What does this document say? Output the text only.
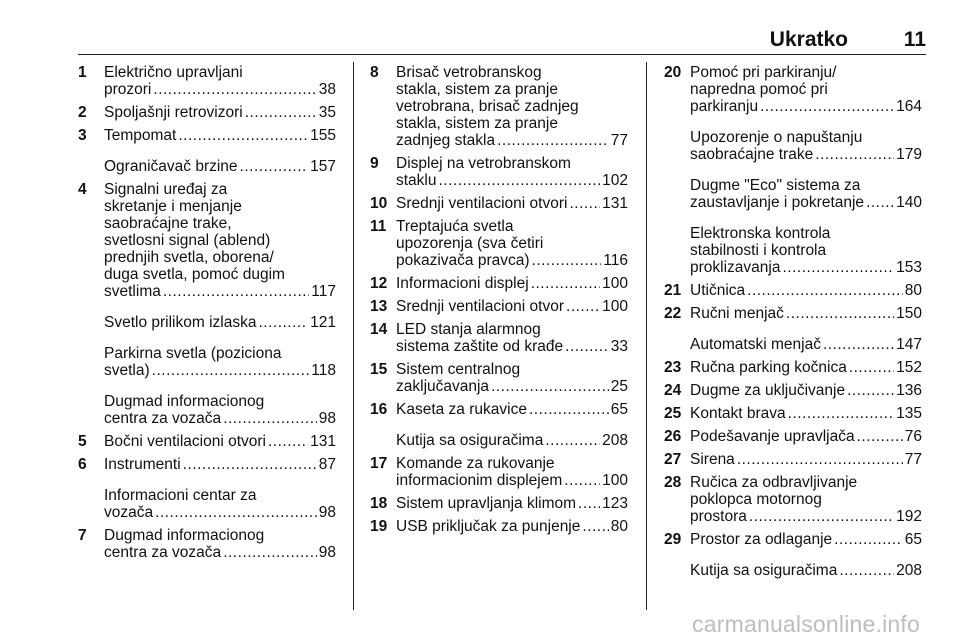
Ukratko	11
1	Električno upravljani
prozori .....	38
2	Spoljašnji retrovizori .....	35
3	Tempomat .....	155
Ograničavač brzine .....	157
4	Signalni uređaj za
skretanje i menjanje
saobraćajne trake,
svetlosni signal (ablend)
prednjih svetla, oborena/
duga svetla, pomoć dugim
svetlima .....	117
Svetlo prilikom izlaska .....	121
Parkirna svetla (poziciona
svetla) .....	118
Dugmad informacionog
centra za vozača .....	98
5	Bočni ventilacioni otvori .....	131
6	Instrumenti .....	87
Informacioni centar za
vozača .....	98
7	Dugmad informacionog
centra za vozača .....	98
8	Brisač vetrobranskog
stakla, sistem za pranje
vetrobrana, brisač zadnjeg
stakla, sistem za pranje
zadnjeg stakla .....	77
9	Displej na vetrobranskom
staklu .....	102
10 Srednji ventilacioni otvori ..... 131
11 Treptajuća svetla
upozorenja (sva četiri
pokazivača pravca) .....	116
12 Informacioni displej .....	100
13 Srednji ventilacioni otvor ..... 100
14 LED stanja alarmnog
sistema zaštite od krađe .....	33
15 Sistem centralnog
zaključavanja .....	25
16 Kaseta za rukavice .....	65
Kutija sa osiguračima .....	208
17 Komande za rukovanje
informacionim displejem .....	100
18 Sistem upravljanja klimom ..... 123
19 USB priključak za punjenje ..... 80
20 Pomoć pri parkiranju/
napredna pomoć pri
parkiranju .....	164
Upozorenje o napuštanju
saobraćajne trake .....	179
Dugme "Eco" sistema za
zaustavljanje i pokretanje ..... 140
Elektronska kontrola
stabilnosti i kontrola
proklizavanja .....	153
21 Utičnica .....	80
22 Ručni menjač .....	150
Automatski menjač .....	147
23 Ručna parking kočnica .....	152
24 Dugme za uključivanje .....	136
25 Kontakt brava .....	135
26 Podešavanje upravljača .....	76
27 Sirena .....	77
28 Ručica za odbravljivanje
poklopca motornog
prostora .....	192
29 Prostor za odlaganje .....	65
Kutija sa osiguračima .....	208
carmanualsonline.info
